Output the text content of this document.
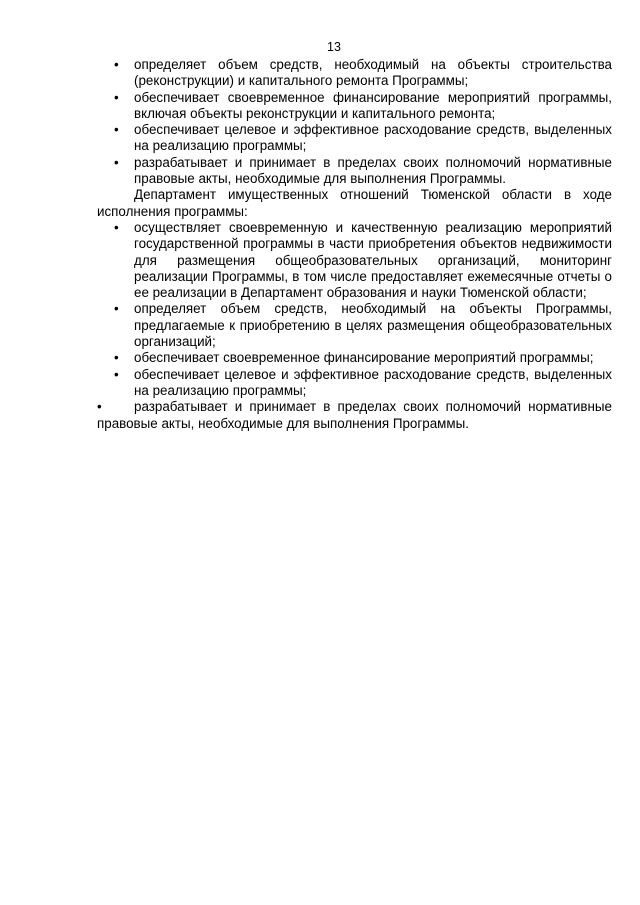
13
• определяет объем средств, необходимый на объекты строительства (реконструкции) и капитального ремонта Программы;
• обеспечивает своевременное финансирование мероприятий программы, включая объекты реконструкции и капитального ремонта;
• обеспечивает целевое и эффективное расходование средств, выделенных на реализацию программы;
• разрабатывает и принимает в пределах своих полномочий нормативные правовые акты, необходимые для выполнения Программы.

Департамент имущественных отношений Тюменской области в ходе исполнения программы:

• осуществляет своевременную и качественную реализацию мероприятий государственной программы в части приобретения объектов недвижимости для размещения общеобразовательных организаций, мониторинг реализации Программы, в том числе предоставляет ежемесячные отчеты о ее реализации в Департамент образования и науки Тюменской области;
• определяет объем средств, необходимый на объекты Программы, предлагаемые к приобретению в целях размещения общеобразовательных организаций;
• обеспечивает своевременное финансирование мероприятий программы;
• обеспечивает целевое и эффективное расходование средств, выделенных на реализацию программы;

• разрабатывает и принимает в пределах своих полномочий нормативные правовые акты, необходимые для выполнения Программы.
